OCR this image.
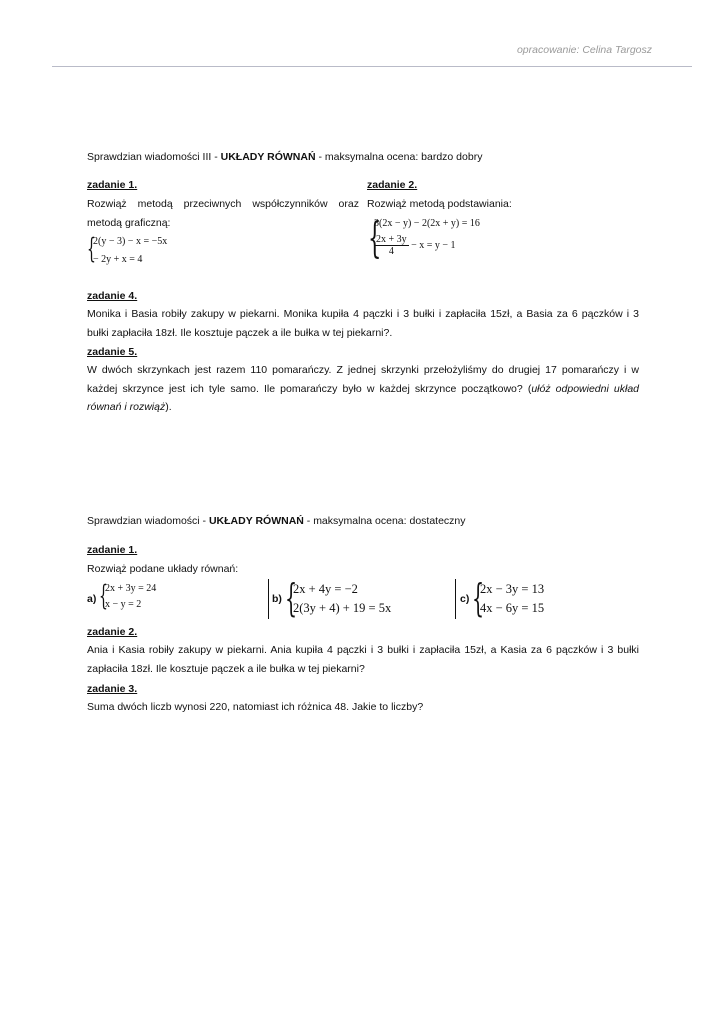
opracowanie: Celina Targosz
Sprawdzian wiadomości III - UKŁADY RÓWNAŃ - maksymalna ocena: bardzo dobry
zadanie 1.
Rozwiąż metodą przeciwnych współczynników oraz
metodą graficzną:
{
2(y − 3) − x = −5x
− 2y + x = 4
zadanie 2.
Rozwiąż metodą podstawiania:
{
3(2x − y) − 2(2x + y) = 16
$\frac{2x + 3y}{4} - x = y - 1$
zadanie 4.
Monika i Basia robiły zakupy w piekarni. Monika kupiła 4 pączki i 3 bułki i zapłaciła 15zł, a Basia za 6 pączków i 3
bułki zapłaciła 18zł. Ile kosztuje pączek a ile bułka w tej piekarni?.
zadanie 5.
W dwóch skrzynkach jest razem 110 pomarańczy. Z jednej skrzynki przełożyliśmy do drugiej 17 pomarańczy i w
każdej skrzynce jest ich tyle samo. Ile pomarańczy było w każdej skrzynce początkowo? (ułóż odpowiedni układ
równań i rozwiąż).
Sprawdzian wiadomości - UKŁADY RÓWNAŃ - maksymalna ocena: dostateczny
zadanie 1.
Rozwiąż podane układy równań:
a) {
2x + 3y = 24
x − y = 2	b) {
2x + 4y = −2
2(3y + 4) + 19 = 5x
c) {
2x − 3y = 13
4x − 6y = 15
zadanie 2.
Ania i Kasia robiły zakupy w piekarni. Ania kupiła 4 pączki i 3 bułki i zapłaciła 15zł, a Kasia za 6 pączków i 3 bułki
zapłaciła 18zł. Ile kosztuje pączek a ile bułka w tej piekarni?
zadanie 3.
Suma dwóch liczb wynosi 220, natomiast ich różnica 48. Jakie to liczby?
